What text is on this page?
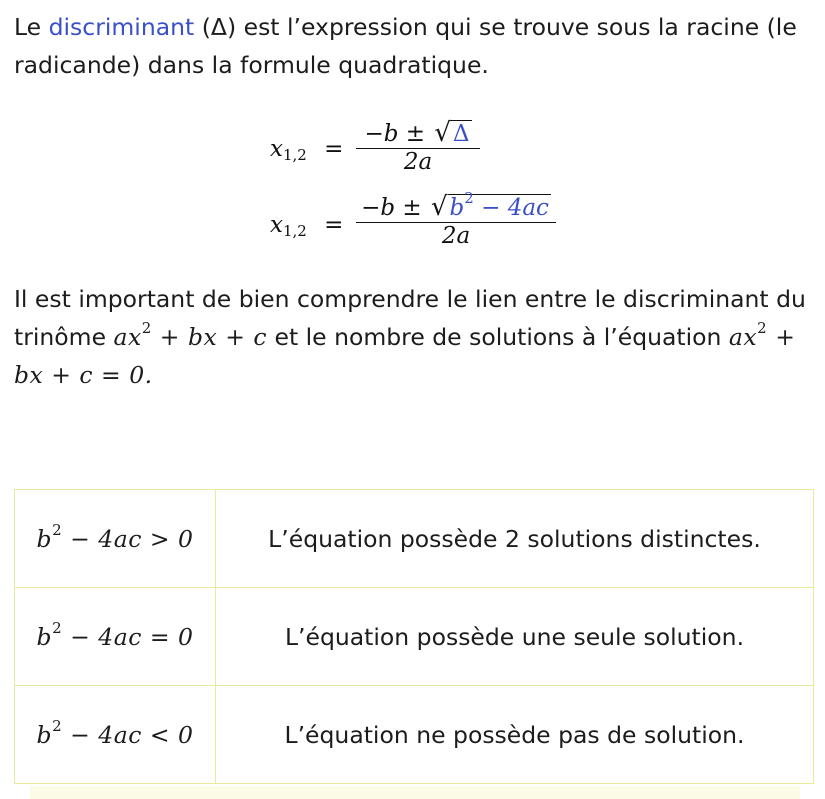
Le discriminant (Δ) est l’expression qui se trouve sous la racine (le radicande) dans la formule quadratique.

$x_{1,2}$ =
−b ± √Δ
2a
$x_{1,2}$ =
$-b \pm √b^2 - 4ac$
2a

Il est important de bien comprendre le lien entre le discriminant du trinôme $ax^2$ + bx + c et le nombre de solutions à l’équation $ax^2$ + bx + c = 0.

$b^2 - 4ac > 0$	L’équation possède 2 solutions distinctes.
$b^2 - 4ac = 0$	L’équation possède une seule solution.
$b^2 - 4ac < 0$	L’équation ne possède pas de solution.
